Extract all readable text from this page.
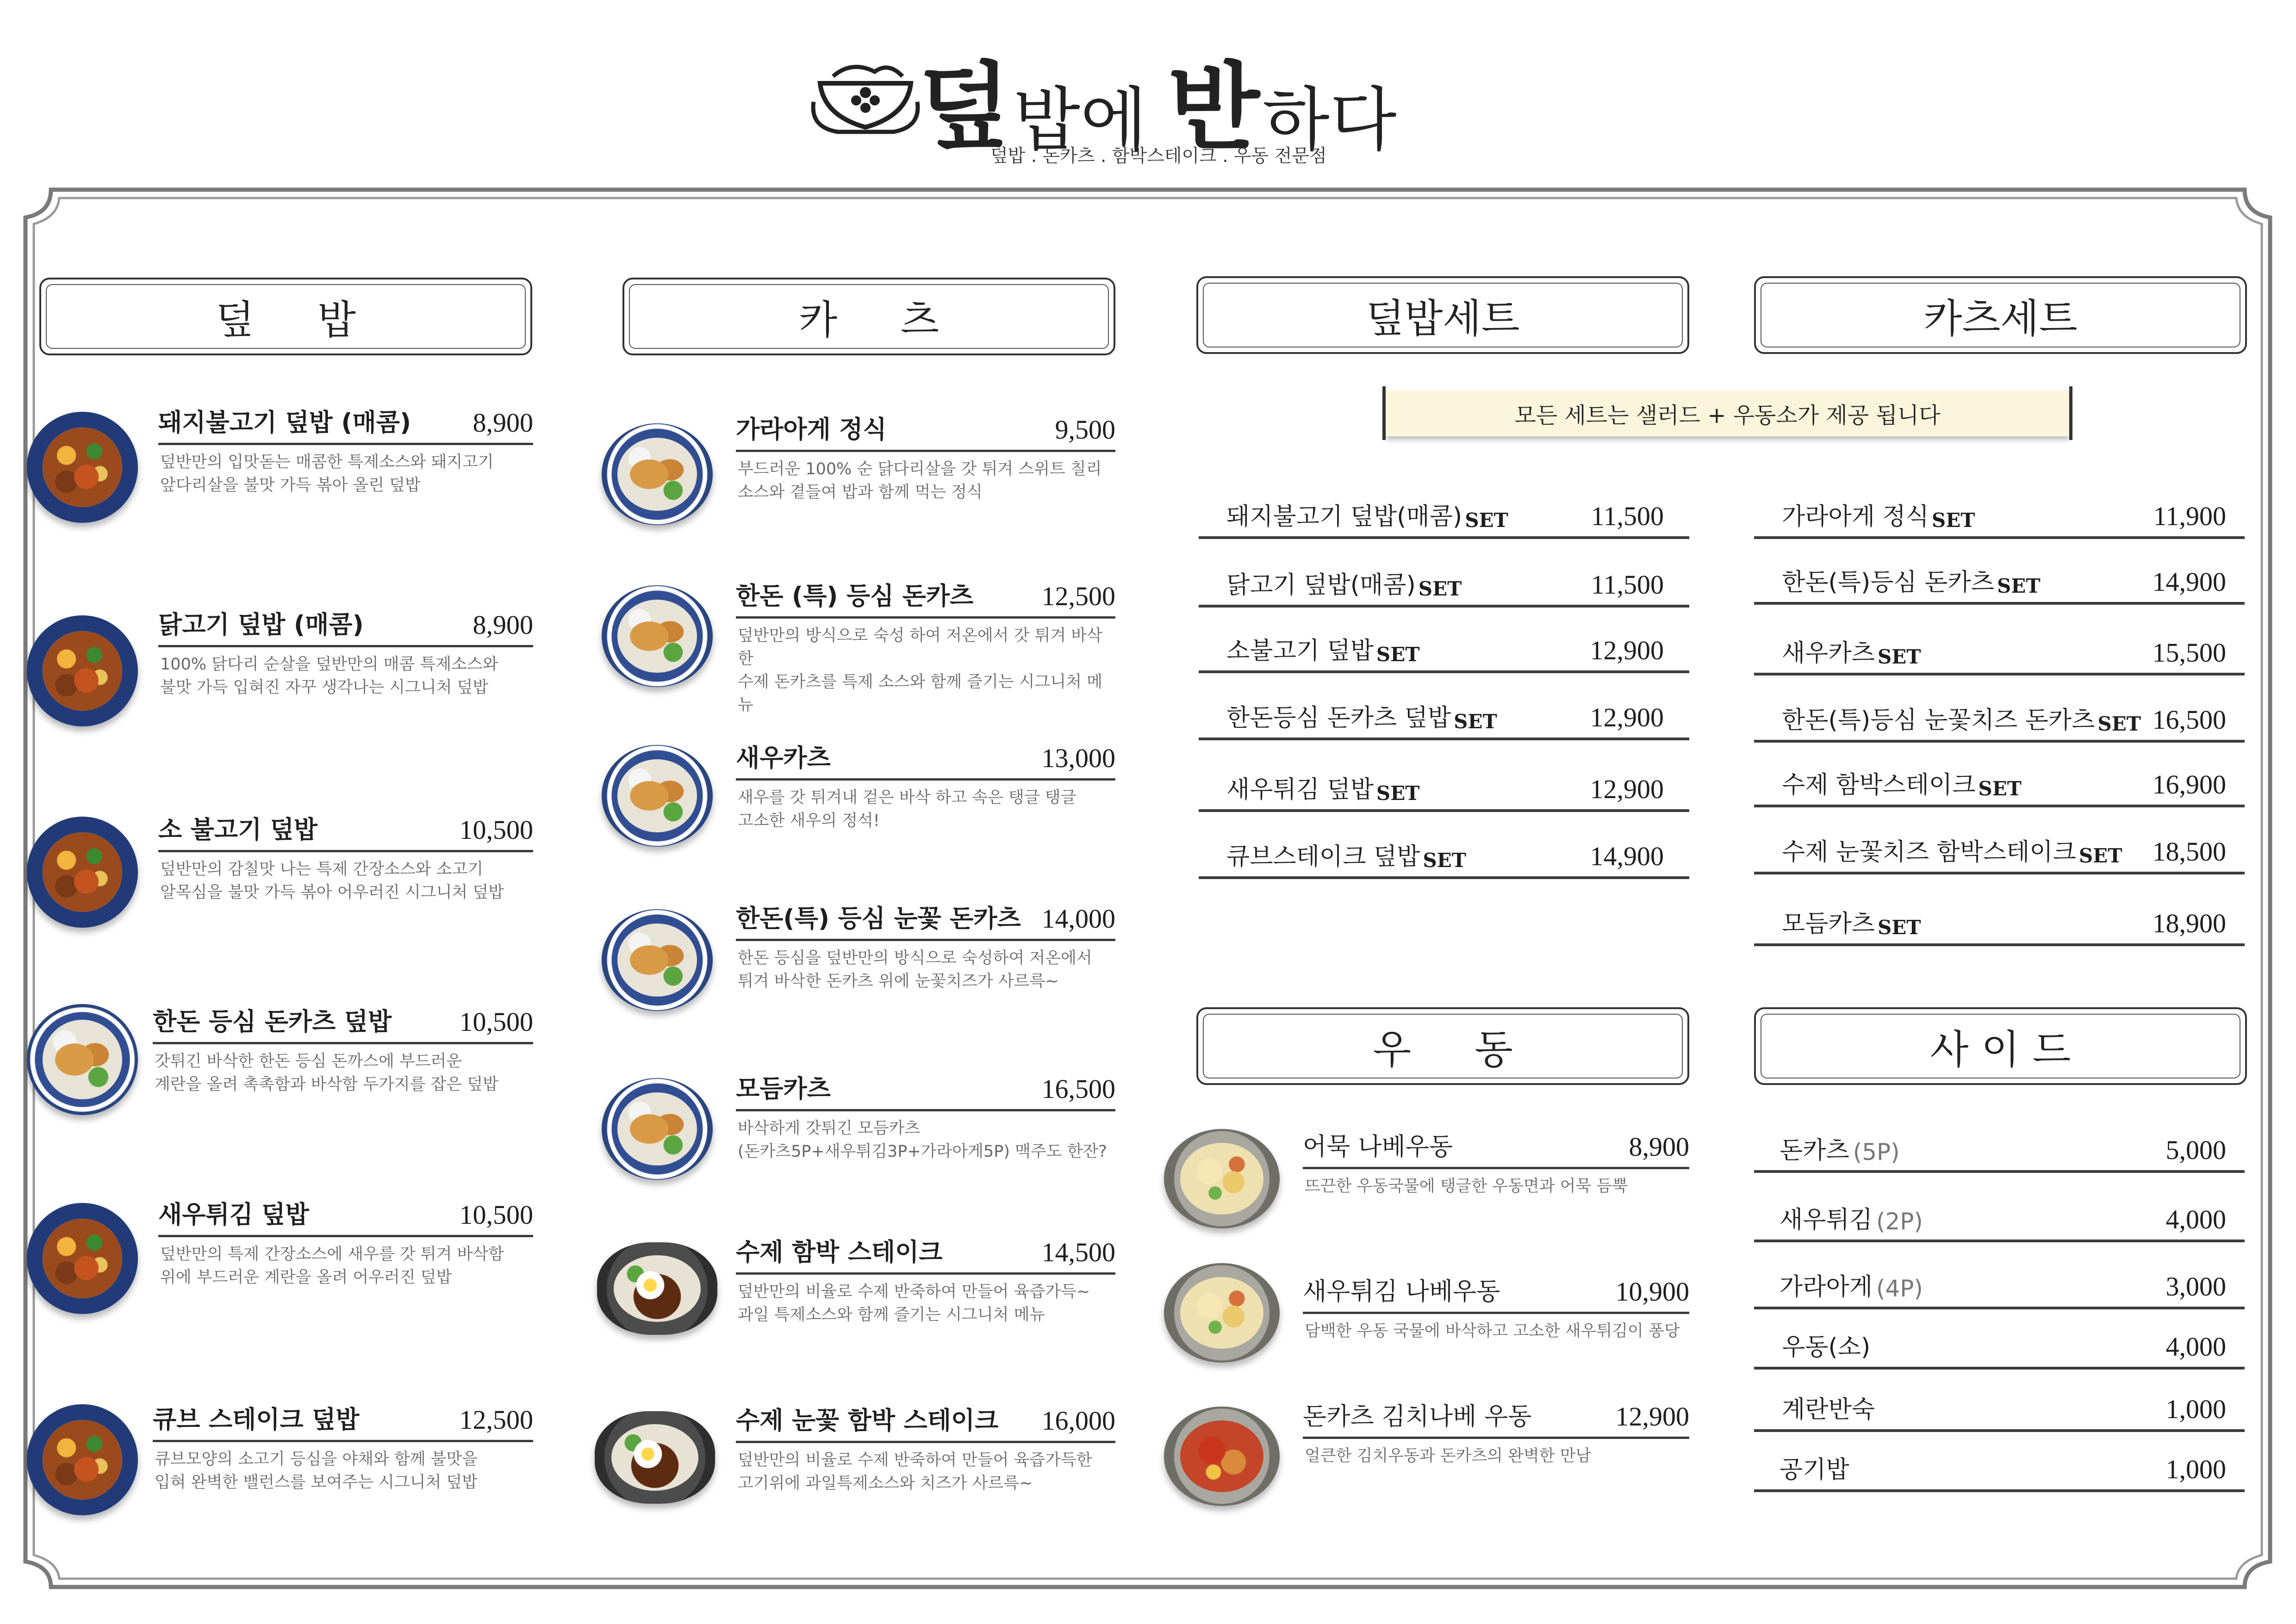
덮 밥에 반 하다
덮밥 . 돈카츠 . 함박스테이크 . 우동 전문점
덮     밥	카     츠	덮밥세트	카츠세트
우     동	사 이 드
돼지불고기 덮밥 (매콤) 8,900
덮반만의 입맛돋는 매콤한 특제소스와 돼지고기
앞다리살을 불맛 가득 볶아 올린 덮밥
닭고기 덮밥 (매콤)	8,900
100% 닭다리 순살을 덮반만의 매콤 특제소스와
불맛 가득 입혀진 자꾸 생각나는 시그니처 덮밥
소 불고기 덮밥	10,500
덮반만의 감칠맛 나는 특제 간장소스와 소고기
알목심을 불맛 가득 볶아 어우러진 시그니처 덮밥
한돈 등심 돈카츠 덮밥	10,500
갓튀긴 바삭한 한돈 등심 돈까스에 부드러운
계란을 올려 촉촉함과 바삭함 두가지를 잡은 덮밥
새우튀김 덮밥	10,500
덮반만의 특제 간장소스에 새우를 갓 튀겨 바삭함
위에 부드러운 계란을 올려 어우러진 덮밥
큐브 스테이크 덮밥	12,500
큐브모양의 소고기 등심을 야채와 함께 불맛을
입혀 완벽한 밸런스를 보여주는 시그니처 덮밥
가라아게 정식	9,500
부드러운 100% 순 닭다리살을 갓 튀겨 스위트 칠리
소스와 곁들여 밥과 함께 먹는 정식
한돈 (특) 등심 돈카츠	12,500
덮반만의 방식으로 숙성 하여 저온에서 갓 튀겨 바삭한
수제 돈카츠를 특제 소스와 함께 즐기는 시그니처 메뉴
새우카츠	13,000
새우를 갓 튀겨내 겉은 바삭 하고 속은 탱글 탱글
고소한 새우의 정석!
한돈(특) 등심 눈꽃 돈카츠 14,000
한돈 등심을 덮반만의 방식으로 숙성하여 저온에서
튀겨 바삭한 돈카츠 위에 눈꽃치즈가 사르륵~
모듬카츠	16,500
바삭하게 갓튀긴 모듬카츠
(돈카츠5P+새우튀김3P+가라아게5P) 맥주도 한잔?
수제 함박 스테이크	14,500
덮반만의 비율로 수제 반죽하여 만들어 육즙가득~
과일 특제소스와 함께 즐기는 시그니처 메뉴
수제 눈꽃 함박 스테이크 16,000
덮반만의 비율로 수제 반죽하여 만들어 육즙가득한
고기위에 과일특제소스와 치즈가 사르륵~
모든 세트는 샐러드 + 우동소가 제공 됩니다
돼지불고기 덮밥(매콤) SET	11,500
닭고기 덮밥(매콤) SET	11,500
소불고기 덮밥 SET	12,900
한돈등심 돈카츠 덮밥 SET	12,900
새우튀김 덮밥 SET	12,900
큐브스테이크 덮밥 SET	14,900
가라아게 정식 SET	11,900
한돈(특)등심 돈카츠 SET	14,900
새우카츠 SET	15,500
한돈(특)등심 눈꽃치즈 돈카츠 SET 16,500
수제 함박스테이크 SET	16,900
수제 눈꽃치즈 함박스테이크 SET 18,500
모듬카츠 SET	18,900
어묵 나베우동	8,900
뜨끈한 우동국물에 탱글한 우동면과 어묵 듬뿍
새우튀김 나베우동	10,900
담백한 우동 국물에 바삭하고 고소한 새우튀김이 퐁당
돈카츠 김치나베 우동	12,900
얼큰한 김치우동과 돈카츠의 완벽한 만남
돈카츠 (5P)	5,000
새우튀김 (2P)	4,000
가라아게 (4P)	3,000
우동(소)	4,000
계란반숙	1,000
공기밥	1,000
